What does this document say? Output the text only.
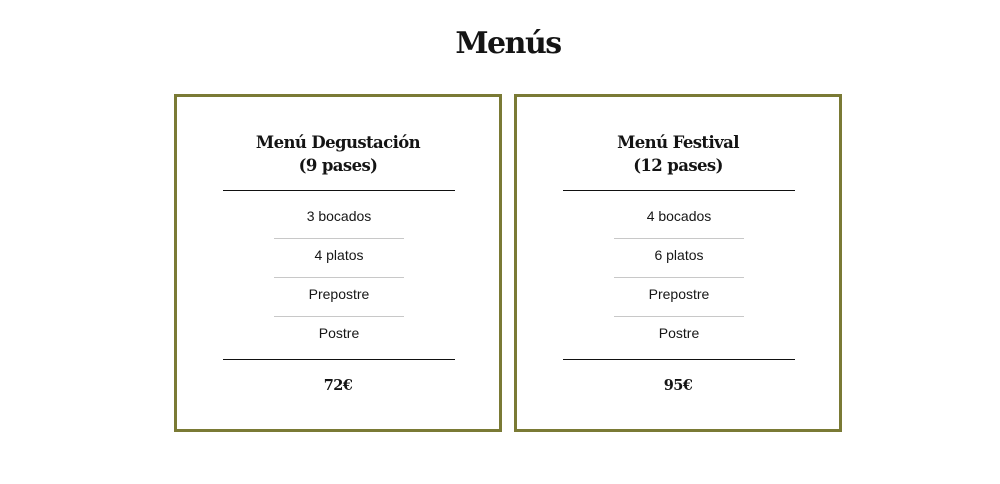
Menús
Menú Degustación
(9 pases)
3 bocados
4 platos
Prepostre
Postre
72€
Menú Festival
(12 pases)
4 bocados
6 platos
Prepostre
Postre
95€
